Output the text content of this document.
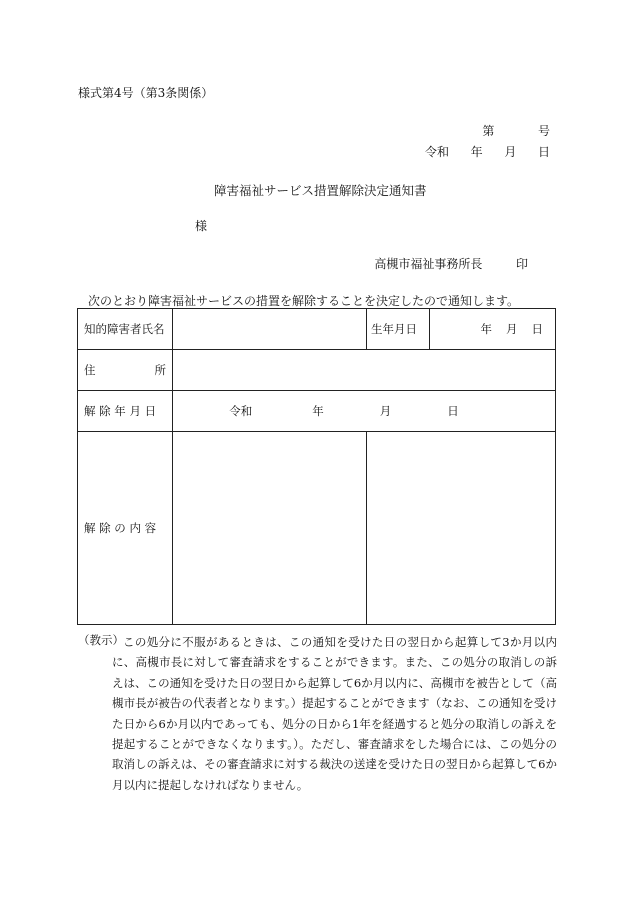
様式第4号（第3条関係）
第	号
令和 年 月 日
障害福祉サービス措置解除決定通知書
様
高槻市福祉事務所長	印
次のとおり障害福祉サービスの措置を解除することを決定したので通知します。
知的障害者氏名		生年月日	年 月 日

住 所			

解 除 年 月 日	令和 年 月 日		

解 除 の 内 容			
（教示） この処分に不服があるときは、この通知を受けた日の翌日から起算して3か月以内に、高槻市長に対して審査請求をすることができます。また、この処分の取消しの訴えは、この通知を受けた日の翌日から起算して6か月以内に、高槻市を被告として（高槻市長が被告の代表者となります。）提起することができます（なお、この通知を受けた日から6か月以内であっても、処分の日から1年を経過すると処分の取消しの訴えを提起することができなくなります。）。ただし、審査請求をした場合には、この処分の取消しの訴えは、その審査請求に対する裁決の送達を受けた日の翌日から起算して6か月以内に提起しなければなりません。
